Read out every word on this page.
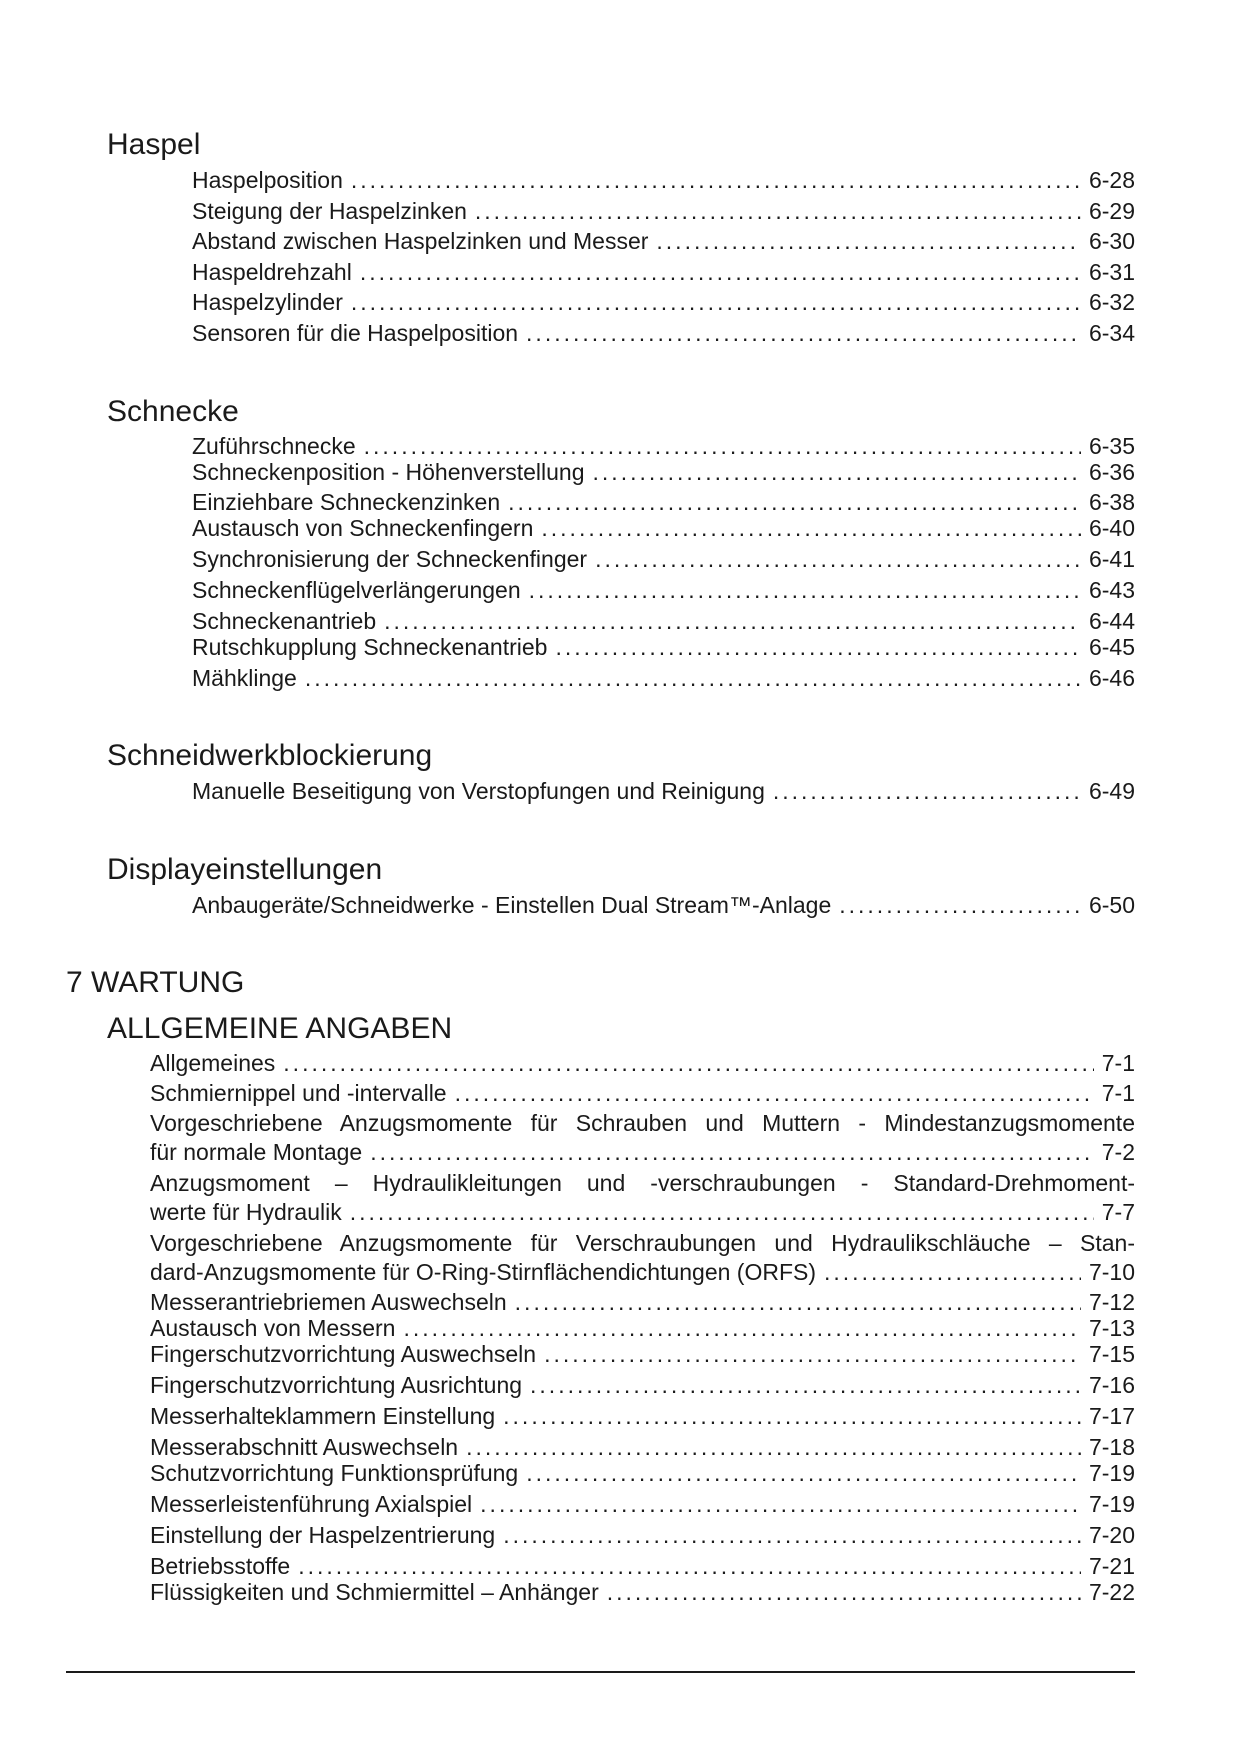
Haspel
Haspelposition .....	6-28
Steigung der Haspelzinken .....	6-29
Abstand zwischen Haspelzinken und Messer .....	6-30
Haspeldrehzahl .....	6-31
Haspelzylinder .....	6-32
Sensoren für die Haspelposition .....	6-34
Schnecke
Zuführschnecke .....	6-35
Schneckenposition - Höhenverstellung .....	6-36
Einziehbare Schneckenzinken .....	6-38
Austausch von Schneckenfingern .....	6-40
Synchronisierung der Schneckenfinger .....	6-41
Schneckenflügelverlängerungen .....	6-43
Schneckenantrieb .....	6-44
Rutschkupplung Schneckenantrieb .....	6-45
Mähklinge .....	6-46
Schneidwerkblockierung
Manuelle Beseitigung von Verstopfungen und Reinigung .....	6-49
Displayeinstellungen
Anbaugeräte/Schneidwerke - Einstellen Dual Stream™-Anlage .....	6-50
7 WARTUNG
ALLGEMEINE ANGABEN
Allgemeines .....	7-1
Schmiernippel und -intervalle .....	7-1
Vorgeschriebene Anzugsmomente für Schrauben und Muttern - Mindestanzugsmomente
für normale Montage .....	7-2
Anzugsmoment – Hydraulikleitungen und -verschraubungen - Standard-Drehmoment-
werte für Hydraulik .....	7-7
Vorgeschriebene Anzugsmomente für Verschraubungen und Hydraulikschläuche – Stan-
dard-Anzugsmomente für O-Ring-Stirnflächendichtungen (ORFS) .....	7-10
Messerantriebriemen Auswechseln .....	7-12
Austausch von Messern .....	7-13
Fingerschutzvorrichtung Auswechseln .....	7-15
Fingerschutzvorrichtung Ausrichtung .....	7-16
Messerhalteklammern Einstellung .....	7-17
Messerabschnitt Auswechseln .....	7-18
Schutzvorrichtung Funktionsprüfung .....	7-19
Messerleistenführung Axialspiel .....	7-19
Einstellung der Haspelzentrierung .....	7-20
Betriebsstoffe .....	7-21
Flüssigkeiten und Schmiermittel – Anhänger .....	7-22
